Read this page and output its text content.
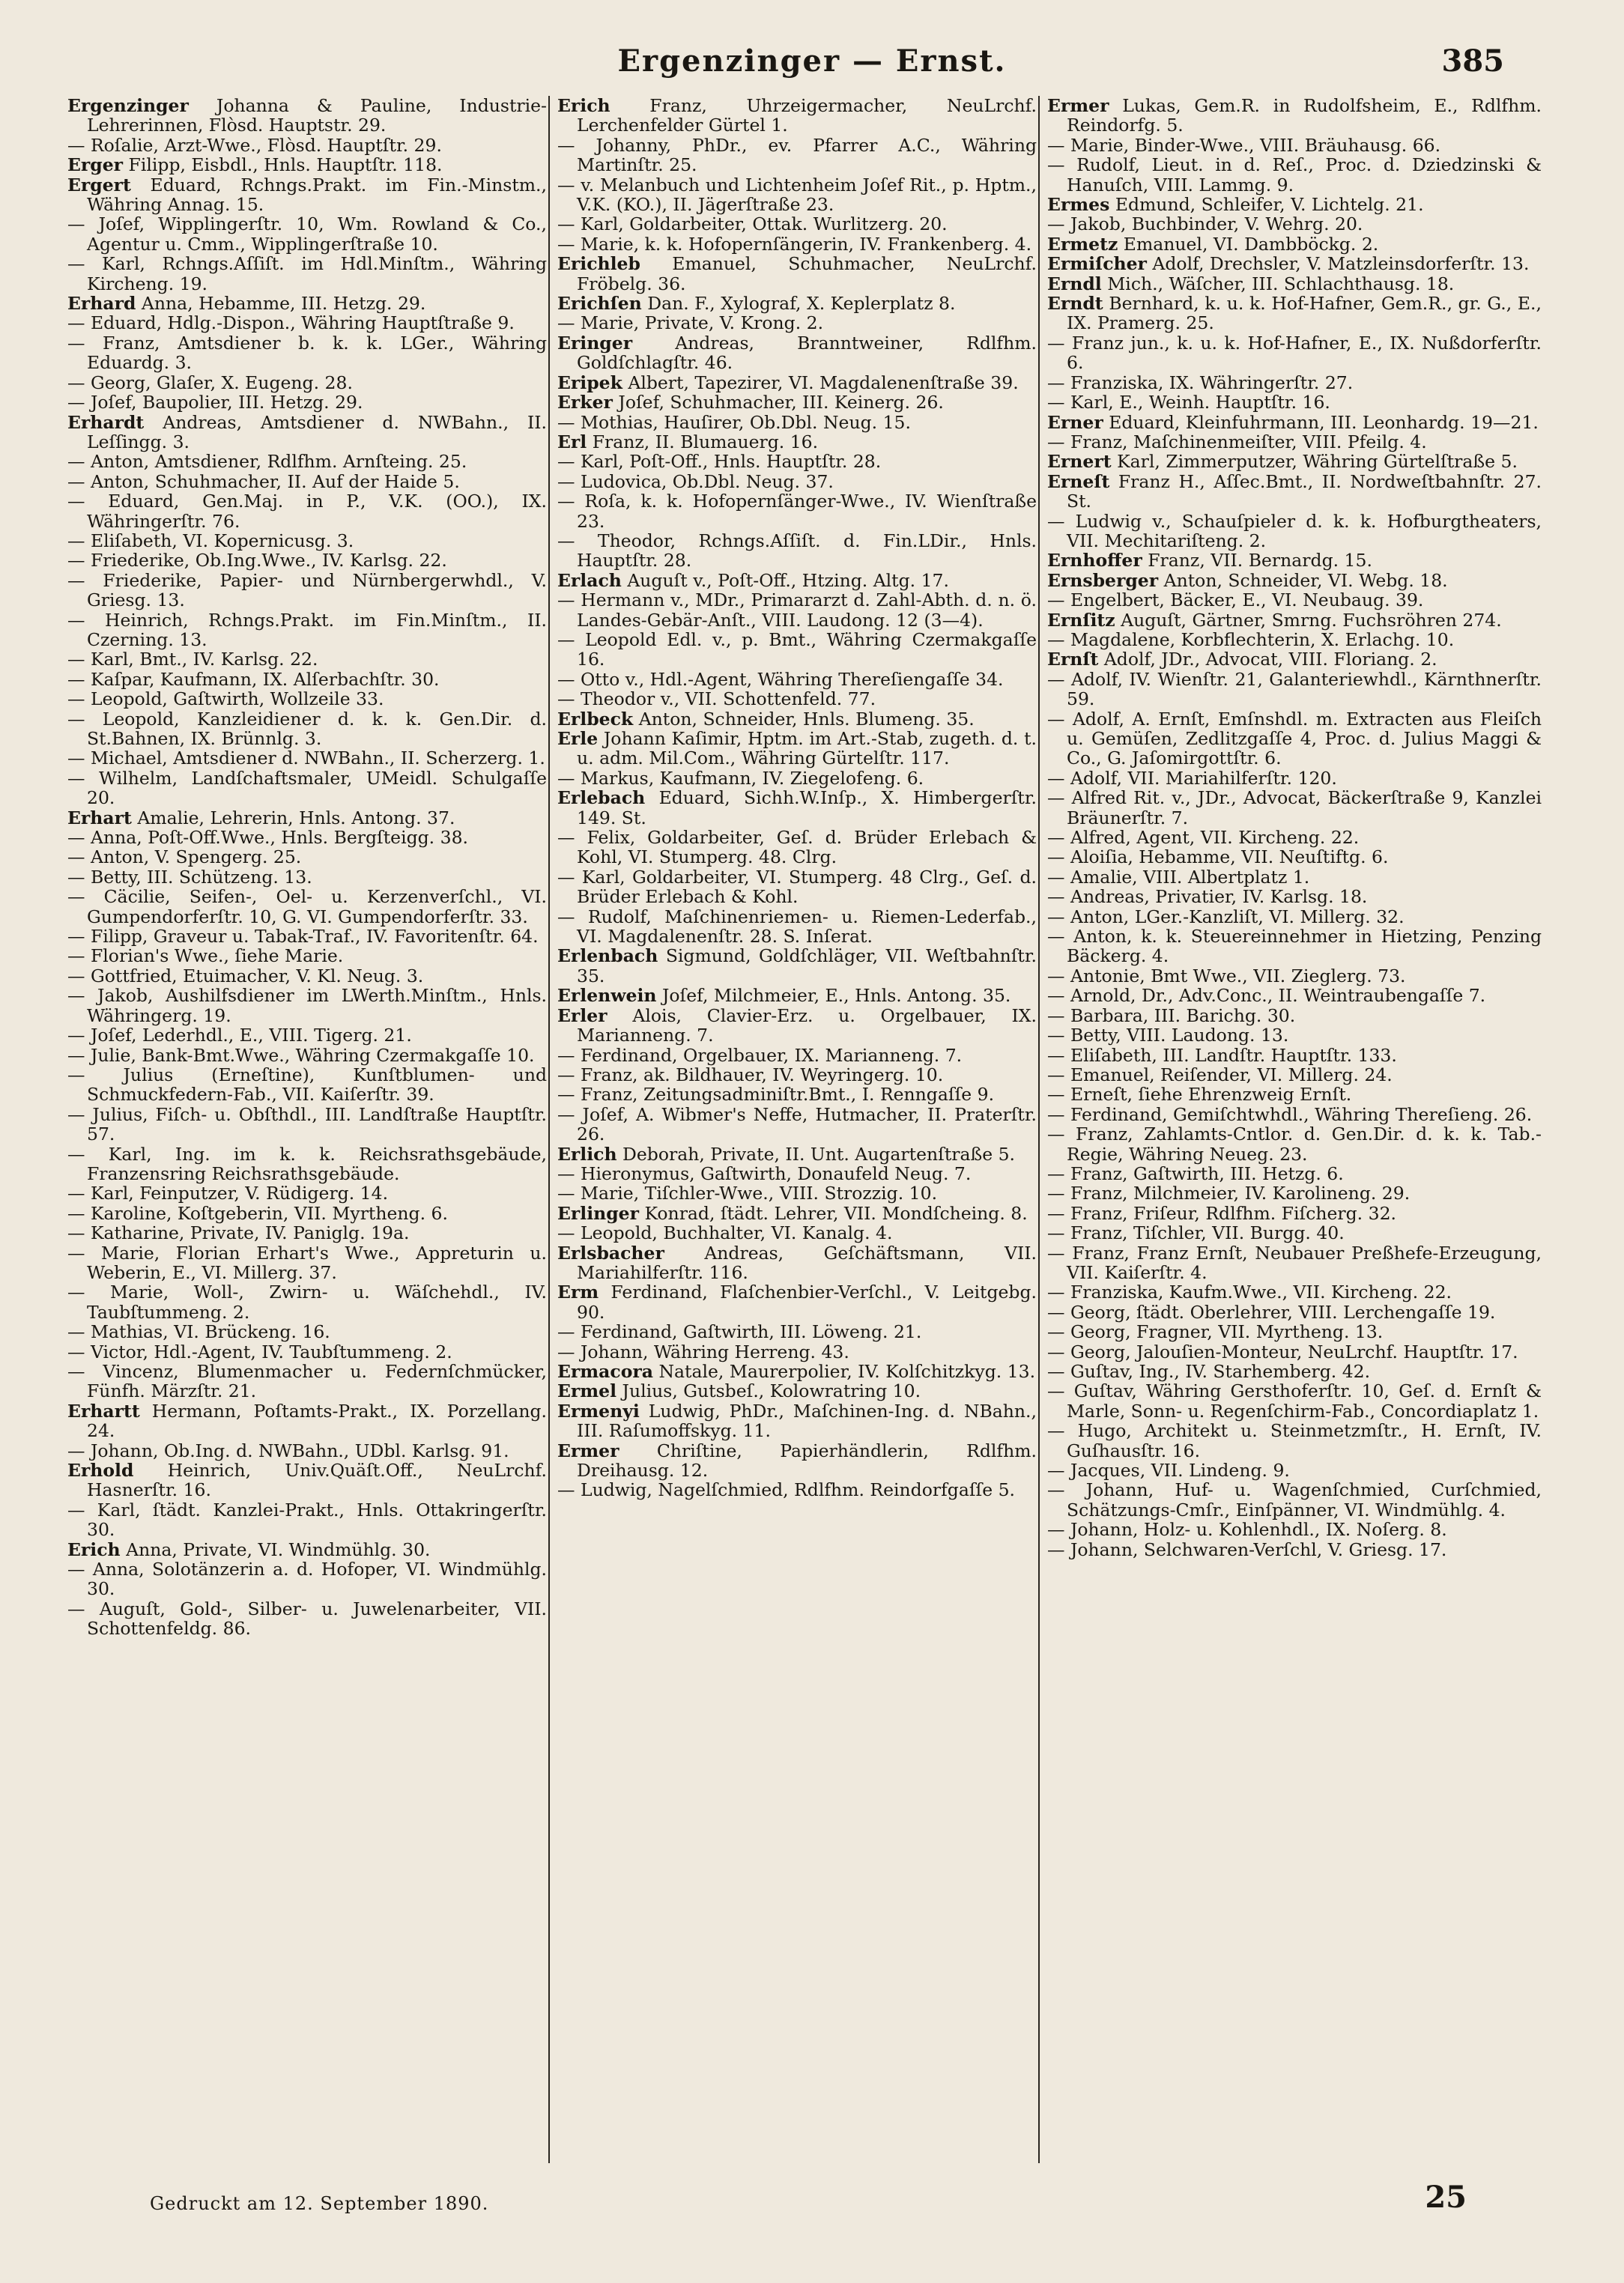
Ergenzinger — Ernst.	385
Ergenzinger Johanna & Pauline, Industrie-Lehrerinnen, Flòsd. Hauptstr. 29.
— Roſalie, Arzt-Wwe., Flòsd. Hauptſtr. 29.
Erger Filipp, Eisbdl., Hnls. Hauptſtr. 118.
Ergert Eduard, Rchngs.Prakt. im Fin.-Minstm., Währing Annag. 15.
— Joſef, Wipplingerſtr. 10, Wm. Rowland & Co., Agentur u. Cmm., Wipplingerſtraße 10.
— Karl, Rchngs.Aſſiſt. im Hdl.Minſtm., Währing Kircheng. 19.
Erhard Anna, Hebamme, III. Hetzg. 29.
— Eduard, Hdlg.-Dispon., Währing Hauptſtraße 9.
— Franz, Amtsdiener b. k. k. LGer., Währing Eduardg. 3.
— Georg, Glaſer, X. Eugeng. 28.
— Joſef, Baupolier, III. Hetzg. 29.
Erhardt Andreas, Amtsdiener d. NWBahn., II. Leſſingg. 3.
— Anton, Amtsdiener, Rdlfhm. Arnſteing. 25.
— Anton, Schuhmacher, II. Auf der Haide 5.
— Eduard, Gen.Maj. in P., V.K. (OO.), IX. Währingerſtr. 76.
— Eliſabeth, VI. Kopernicusg. 3.
— Friederike, Ob.Ing.Wwe., IV. Karlsg. 22.
— Friederike, Papier- und Nürnbergerwhdl., V. Griesg. 13.
— Heinrich, Rchngs.Prakt. im Fin.Minſtm., II. Czerning. 13.
— Karl, Bmt., IV. Karlsg. 22.
— Kaſpar, Kaufmann, IX. Alſerbachſtr. 30.
— Leopold, Gaſtwirth, Wollzeile 33.
— Leopold, Kanzleidiener d. k. k. Gen.Dir. d. St.Bahnen, IX. Brünnlg. 3.
— Michael, Amtsdiener d. NWBahn., II. Scherzerg. 1.
— Wilhelm, Landſchaftsmaler, UMeidl. Schulgaſſe 20.
Erhart Amalie, Lehrerin, Hnls. Antong. 37.
— Anna, Poſt-Off.Wwe., Hnls. Bergſteigg. 38.
— Anton, V. Spengerg. 25.
— Betty, III. Schützeng. 13.
— Cäcilie, Seifen-, Oel- u. Kerzenverſchl., VI. Gumpendorferſtr. 10, G. VI. Gumpendorferſtr. 33.
— Filipp, Graveur u. Tabak-Traf., IV. Favoritenſtr. 64.
— Florian's Wwe., ſiehe Marie.
— Gottfried, Etuimacher, V. Kl. Neug. 3.
— Jakob, Aushilfsdiener im LWerth.Minſtm., Hnls. Währingerg. 19.
— Joſef, Lederhdl., E., VIII. Tigerg. 21.
— Julie, Bank-Bmt.Wwe., Währing Czermakgaſſe 10.
— Julius (Erneſtine), Kunſtblumen- und Schmuckfedern-Fab., VII. Kaiſerſtr. 39.
— Julius, Fiſch- u. Obſthdl., III. Landſtraße Hauptſtr. 57.
— Karl, Ing. im k. k. Reichsrathsgebäude, Franzensring Reichsrathsgebäude.
— Karl, Feinputzer, V. Rüdigerg. 14.
— Karoline, Koſtgeberin, VII. Myrtheng. 6.
— Katharine, Private, IV. Paniglg. 19a.
— Marie, Florian Erhart's Wwe., Appreturin u. Weberin, E., VI. Millerg. 37.
— Marie, Woll-, Zwirn- u. Wäſchehdl., IV. Taubſtummeng. 2.
— Mathias, VI. Brückeng. 16.
— Victor, Hdl.-Agent, IV. Taubſtummeng. 2.
— Vincenz, Blumenmacher u. Federnſchmücker, Fünfh. Märzſtr. 21.
Erhartt Hermann, Poſtamts-Prakt., IX. Porzellang. 24.
— Johann, Ob.Ing. d. NWBahn., UDbl. Karlsg. 91.
Erhold Heinrich, Univ.Quäſt.Off., NeuLrchf. Hasnerſtr. 16.
— Karl, ſtädt. Kanzlei-Prakt., Hnls. Ottakringerſtr. 30.
Erich Anna, Private, VI. Windmühlg. 30.
— Anna, Solotänzerin a. d. Hofoper, VI. Windmühlg. 30.
— Auguſt, Gold-, Silber- u. Juwelenarbeiter, VII. Schottenfeldg. 86.
Erich Franz, Uhrzeigermacher, NeuLrchf. Lerchenfelder Gürtel 1.
— Johanny, PhDr., ev. Pfarrer A.C., Währing Martinſtr. 25.
— v. Melanbuch und Lichtenheim Joſef Rit., p. Hptm., V.K. (KO.), II. Jägerſtraße 23.
— Karl, Goldarbeiter, Ottak. Wurlitzerg. 20.
— Marie, k. k. Hofopernſängerin, IV. Frankenberg. 4.
Erichleb Emanuel, Schuhmacher, NeuLrchf. Fröbelg. 36.
Erichſen Dan. F., Xylograf, X. Keplerplatz 8.
— Marie, Private, V. Krong. 2.
Eringer Andreas, Branntweiner, Rdlfhm. Goldſchlagſtr. 46.
Eripek Albert, Tapezirer, VI. Magdalenenſtraße 39.
Erker Joſef, Schuhmacher, III. Keinerg. 26.
— Mothias, Hauſirer, Ob.Dbl. Neug. 15.
Erl Franz, II. Blumauerg. 16.
— Karl, Poſt-Off., Hnls. Hauptſtr. 28.
— Ludovica, Ob.Dbl. Neug. 37.
— Roſa, k. k. Hofopernſänger-Wwe., IV. Wienſtraße 23.
— Theodor, Rchngs.Aſſiſt. d. Fin.LDir., Hnls. Hauptſtr. 28.
Erlach Auguſt v., Poſt-Off., Htzing. Altg. 17.
— Hermann v., MDr., Primararzt d. Zahl-Abth. d. n. ö. Landes-Gebär-Anſt., VIII. Laudong. 12 (3—4).
— Leopold Edl. v., p. Bmt., Währing Czermakgaſſe 16.
— Otto v., Hdl.-Agent, Währing Thereſiengaſſe 34.
— Theodor v., VII. Schottenfeld. 77.
Erlbeck Anton, Schneider, Hnls. Blumeng. 35.
Erle Johann Kaſimir, Hptm. im Art.-Stab, zugeth. d. t. u. adm. Mil.Com., Währing Gürtelſtr. 117.
— Markus, Kaufmann, IV. Ziegelofeng. 6.
Erlebach Eduard, Sichh.W.Inſp., X. Himbergerſtr. 149. St.
— Felix, Goldarbeiter, Geſ. d. Brüder Erlebach & Kohl, VI. Stumperg. 48. Clrg.
— Karl, Goldarbeiter, VI. Stumperg. 48 Clrg., Geſ. d. Brüder Erlebach & Kohl.
— Rudolf, Maſchinenriemen- u. Riemen-Lederfab., VI. Magdalenenſtr. 28. S. Inſerat.
Erlenbach Sigmund, Goldſchläger, VII. Weſtbahnſtr. 35.
Erlenwein Joſef, Milchmeier, E., Hnls. Antong. 35.
Erler Alois, Clavier-Erz. u. Orgelbauer, IX. Marianneng. 7.
— Ferdinand, Orgelbauer, IX. Marianneng. 7.
— Franz, ak. Bildhauer, IV. Weyringerg. 10.
— Franz, Zeitungsadminiſtr.Bmt., I. Renngaſſe 9.
— Joſef, A. Wibmer's Neffe, Hutmacher, II. Praterſtr. 26.
Erlich Deborah, Private, II. Unt. Augartenſtraße 5.
— Hieronymus, Gaſtwirth, Donaufeld Neug. 7.
— Marie, Tiſchler-Wwe., VIII. Strozzig. 10.
Erlinger Konrad, ſtädt. Lehrer, VII. Mondſcheing. 8.
— Leopold, Buchhalter, VI. Kanalg. 4.
Erlsbacher Andreas, Geſchäftsmann, VII. Mariahilferſtr. 116.
Erm Ferdinand, Flaſchenbier-Verſchl., V. Leitgebg. 90.
— Ferdinand, Gaſtwirth, III. Löweng. 21.
— Johann, Währing Herreng. 43.
Ermacora Natale, Maurerpolier, IV. Kolſchitzkyg. 13.
Ermel Julius, Gutsbeſ., Kolowratring 10.
Ermenyi Ludwig, PhDr., Maſchinen-Ing. d. NBahn., III. Raſumoffskyg. 11.
Ermer Chriſtine, Papierhändlerin, Rdlfhm. Dreihausg. 12.
— Ludwig, Nagelſchmied, Rdlfhm. Reindorfgaſſe 5.
Ermer Lukas, Gem.R. in Rudolfsheim, E., Rdlfhm. Reindorfg. 5.
— Marie, Binder-Wwe., VIII. Bräuhausg. 66.
— Rudolf, Lieut. in d. Reſ., Proc. d. Dziedzinski & Hanuſch, VIII. Lammg. 9.
Ermes Edmund, Schleifer, V. Lichtelg. 21.
— Jakob, Buchbinder, V. Wehrg. 20.
Ermetz Emanuel, VI. Dambböckg. 2.
Ermiſcher Adolf, Drechsler, V. Matzleinsdorferſtr. 13.
Erndl Mich., Wäſcher, III. Schlachthausg. 18.
Erndt Bernhard, k. u. k. Hof-Hafner, Gem.R., gr. G., E., IX. Pramerg. 25.
— Franz jun., k. u. k. Hof-Hafner, E., IX. Nußdorferſtr. 6.
— Franziska, IX. Währingerſtr. 27.
— Karl, E., Weinh. Hauptſtr. 16.
Erner Eduard, Kleinfuhrmann, III. Leonhardg. 19—21.
— Franz, Maſchinenmeiſter, VIII. Pfeilg. 4.
Ernert Karl, Zimmerputzer, Währing Gürtelſtraße 5.
Erneſt Franz H., Aſſec.Bmt., II. Nordweſtbahnſtr. 27. St.
— Ludwig v., Schauſpieler d. k. k. Hofburgtheaters, VII. Mechitariſteng. 2.
Ernhoffer Franz, VII. Bernardg. 15.
Ernsberger Anton, Schneider, VI. Webg. 18.
— Engelbert, Bäcker, E., VI. Neubaug. 39.
Ernſitz Auguſt, Gärtner, Smrng. Fuchsröhren 274.
— Magdalene, Korbflechterin, X. Erlachg. 10.
Ernſt Adolf, JDr., Advocat, VIII. Floriang. 2.
— Adolf, IV. Wienſtr. 21, Galanteriewhdl., Kärnthnerſtr. 59.
— Adolf, A. Ernſt, Emſnshdl. m. Extracten aus Fleiſch u. Gemüſen, Zedlitzgaſſe 4, Proc. d. Julius Maggi & Co., G. Jaſomirgottſtr. 6.
— Adolf, VII. Mariahilferſtr. 120.
— Alfred Rit. v., JDr., Advocat, Bäckerſtraße 9, Kanzlei Bräunerſtr. 7.
— Alfred, Agent, VII. Kircheng. 22.
— Aloiſia, Hebamme, VII. Neuſtiftg. 6.
— Amalie, VIII. Albertplatz 1.
— Andreas, Privatier, IV. Karlsg. 18.
— Anton, LGer.-Kanzliſt, VI. Millerg. 32.
— Anton, k. k. Steuereinnehmer in Hietzing, Penzing Bäckerg. 4.
— Antonie, Bmt Wwe., VII. Zieglerg. 73.
— Arnold, Dr., Adv.Conc., II. Weintraubengaſſe 7.
— Barbara, III. Barichg. 30.
— Betty, VIII. Laudong. 13.
— Eliſabeth, III. Landſtr. Hauptſtr. 133.
— Emanuel, Reiſender, VI. Millerg. 24.
— Erneſt, ſiehe Ehrenzweig Ernſt.
— Ferdinand, Gemiſchtwhdl., Währing Thereſieng. 26.
— Franz, Zahlamts-Cntlor. d. Gen.Dir. d. k. k. Tab.-Regie, Währing Neueg. 23.
— Franz, Gaſtwirth, III. Hetzg. 6.
— Franz, Milchmeier, IV. Karolineng. 29.
— Franz, Friſeur, Rdlfhm. Fiſcherg. 32.
— Franz, Tiſchler, VII. Burgg. 40.
— Franz, Franz Ernſt, Neubauer Preßhefe-Erzeugung, VII. Kaiſerſtr. 4.
— Franziska, Kaufm.Wwe., VII. Kircheng. 22.
— Georg, ſtädt. Oberlehrer, VIII. Lerchengaſſe 19.
— Georg, Fragner, VII. Myrtheng. 13.
— Georg, Jalouſien-Monteur, NeuLrchf. Hauptſtr. 17.
— Guſtav, Ing., IV. Starhemberg. 42.
— Guſtav, Währing Gersthoferſtr. 10, Geſ. d. Ernſt & Marle, Sonn- u. Regenſchirm-Fab., Concordiaplatz 1.
— Hugo, Architekt u. Steinmetzmſtr., H. Ernſt, IV. Guſhausſtr. 16.
— Jacques, VII. Lindeng. 9.
— Johann, Huf- u. Wagenſchmied, Curſchmied, Schätzungs-Cmſr., Einſpänner, VI. Windmühlg. 4.
— Johann, Holz- u. Kohlenhdl., IX. Noſerg. 8.
— Johann, Selchwaren-Verſchl, V. Griesg. 17.
Gedruckt am 12. September 1890.	25
